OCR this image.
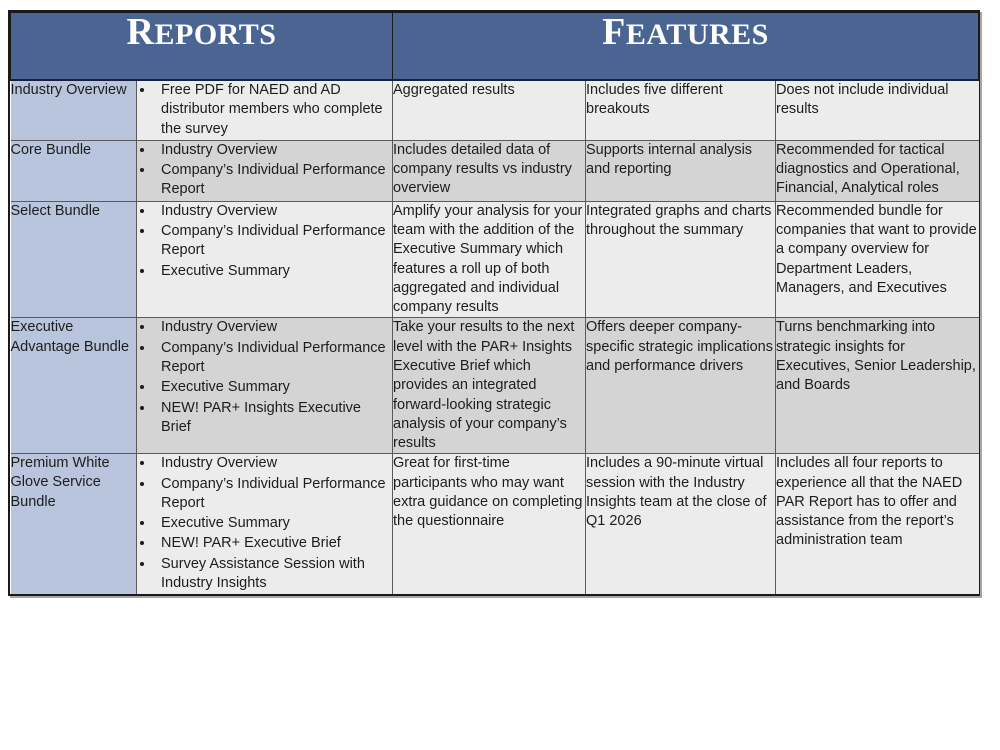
REPORTS		FEATURES		
Industry Overview	
•Free PDF for NAED and AD distributor members who complete the survey
	Aggregated results	Includes five different breakouts	Does not include individual results
Core Bundle	
•Industry Overview
• Company’s Individual Performance Report
	Includes detailed data of company results vs industry overview	Supports internal analysis and reporting	Recommended for tactical diagnostics and Operational, Financial, Analytical roles
Select Bundle	
•Industry Overview
• Company’s Individual Performance Report
• Executive Summary
	Amplify your analysis for your team with the addition of the Executive Summary which features a roll up of both aggregated and individual company results	Integrated graphs and charts throughout the summary	Recommended bundle for companies that want to provide a company overview for Department Leaders, Managers, and Executives
Executive Advantage Bundle	
• Industry Overview
• Company’s Individual Performance Report
• Executive Summary
• NEW! PAR+ Insights Executive Brief
	Take your results to the next level with the PAR+ Insights Executive Brief which provides an integrated forward-looking strategic analysis of your company’s results	Offers deeper company-specific strategic implications and performance drivers	Turns benchmarking into strategic insights for Executives, Senior Leadership, and Boards
Premium White Glove Service Bundle	
• Industry Overview
• Company’s Individual Performance Report
• Executive Summary
• NEW! PAR+ Executive Brief
• Survey Assistance Session with Industry Insights
	Great for first-time participants who may want extra guidance on completing the questionnaire	Includes a 90-minute virtual session with the Industry Insights team at the close of Q1 2026	Includes all four reports to experience all that the NAED PAR Report has to offer and assistance from the report’s administration team
